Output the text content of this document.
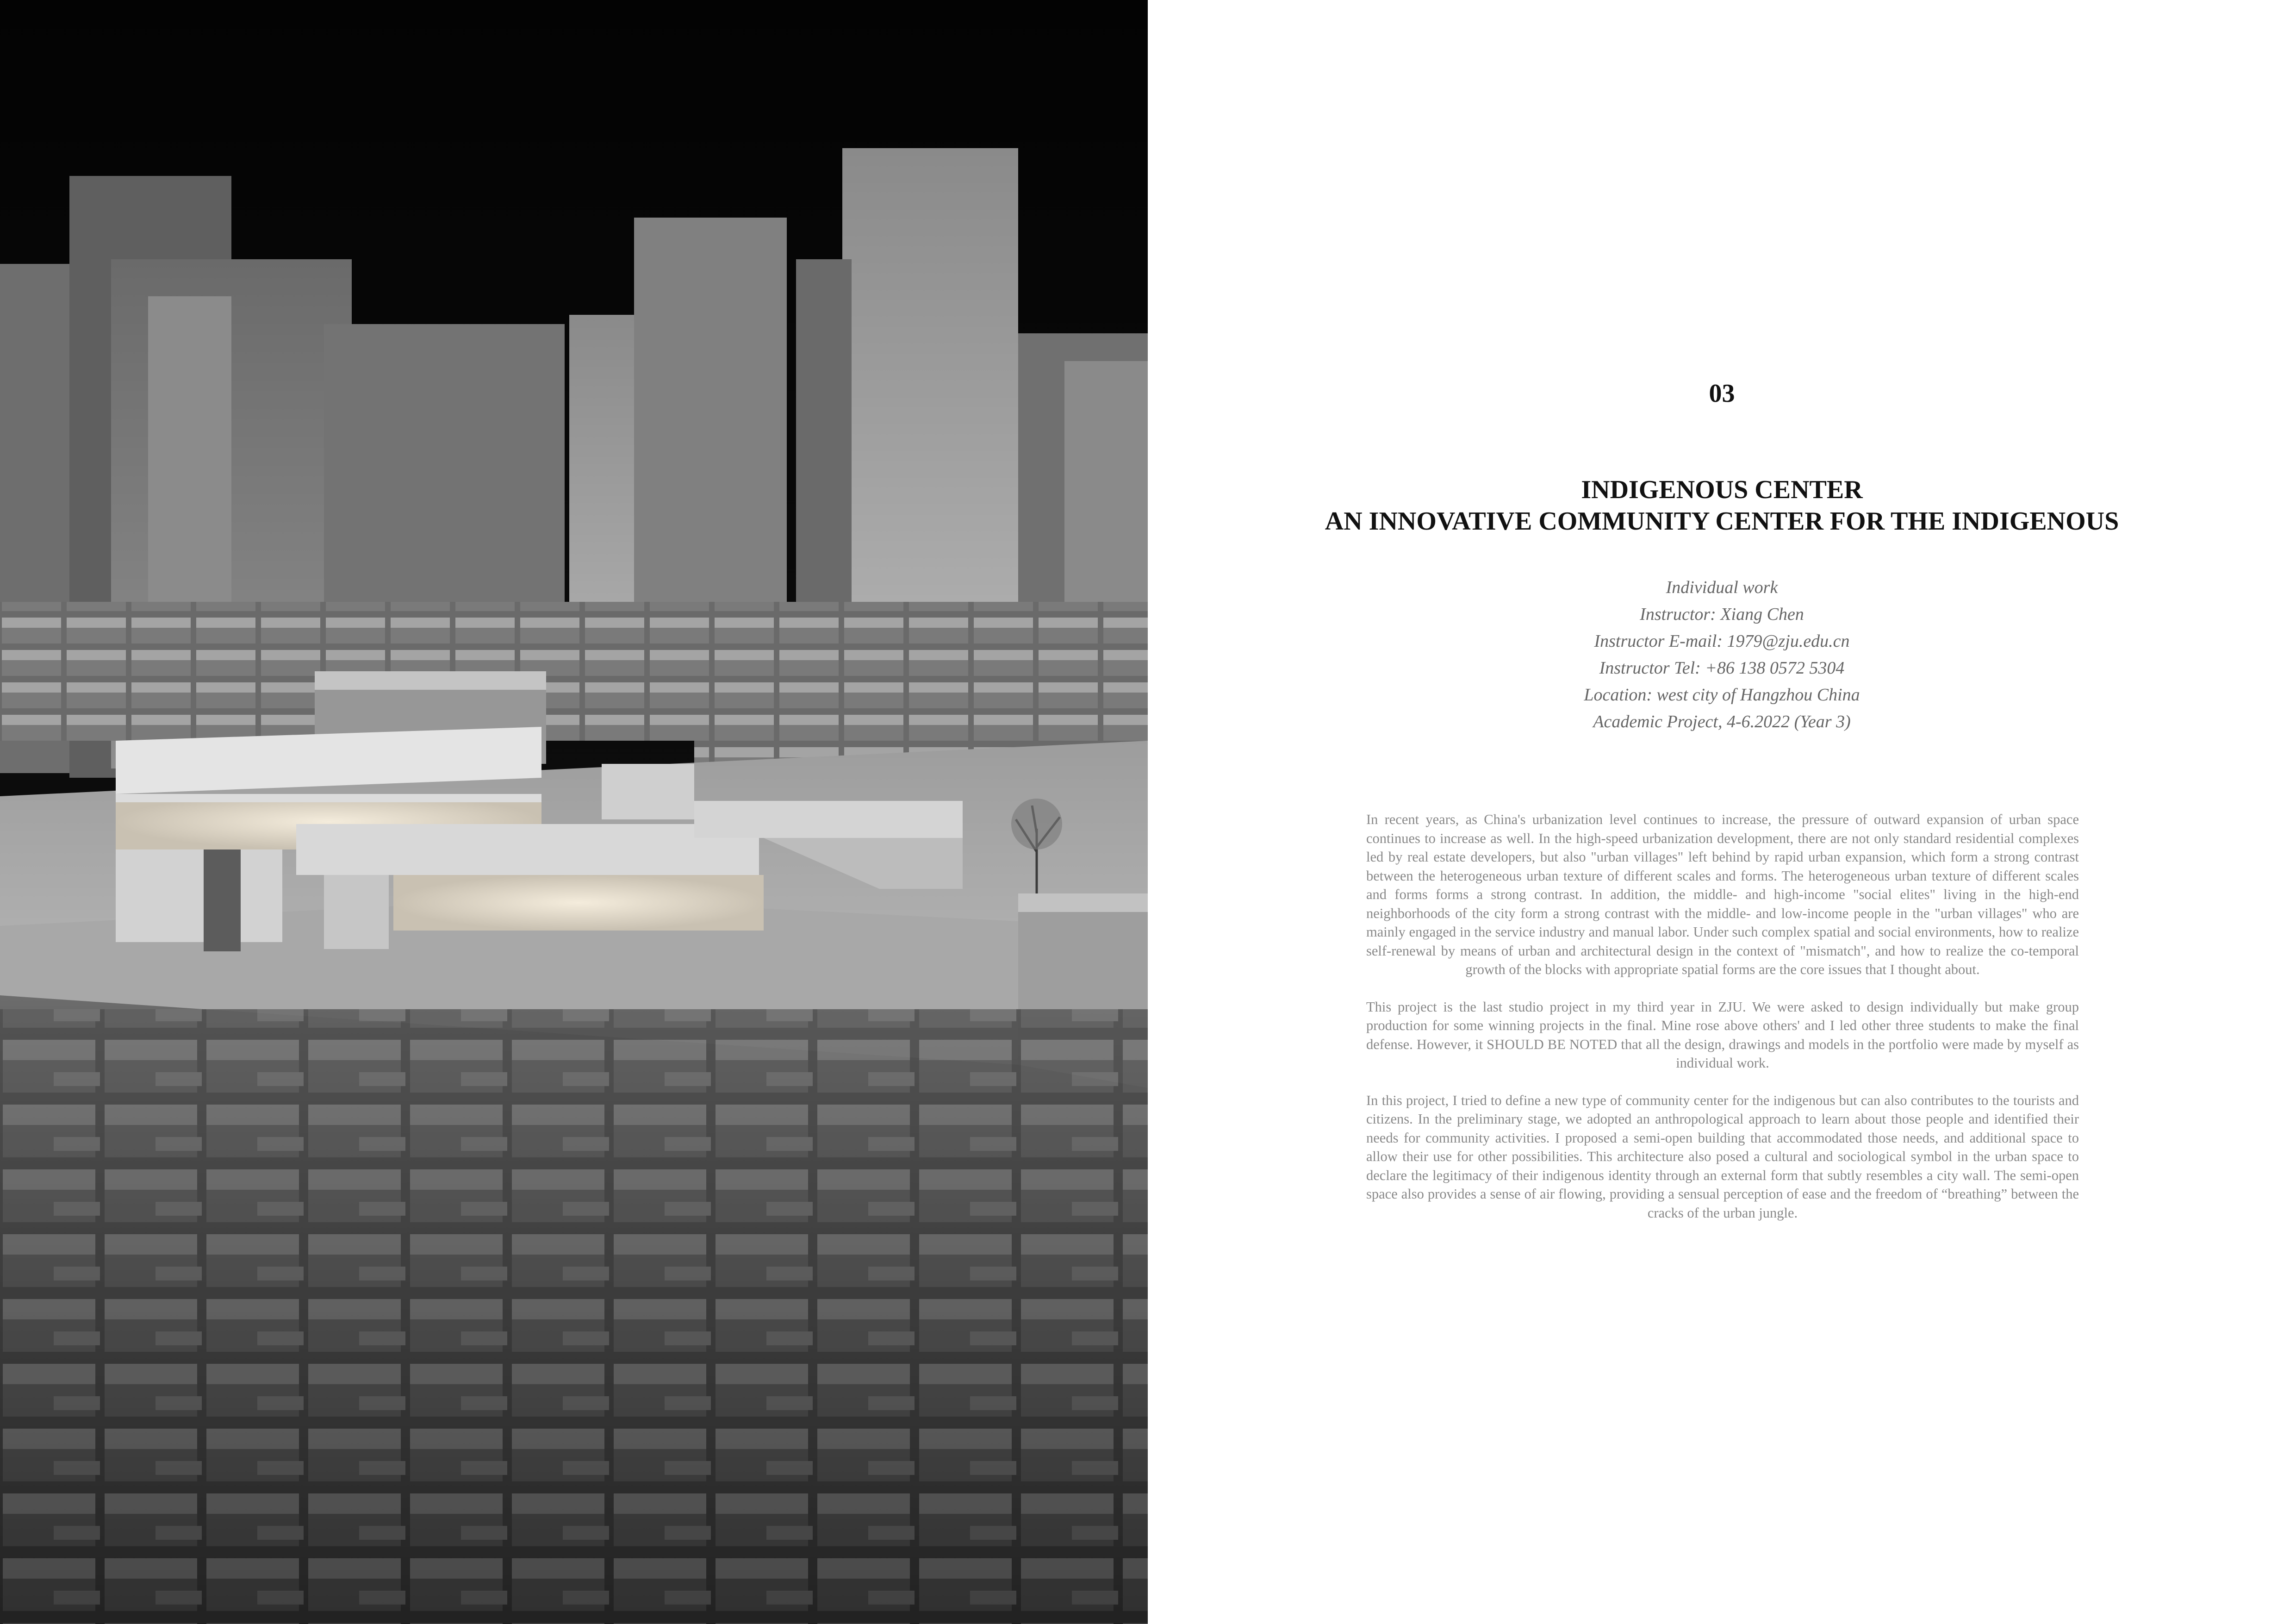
03
INDIGENOUS CENTER
AN INNOVATIVE COMMUNITY CENTER FOR THE INDIGENOUS
Individual work
Instructor: Xiang Chen
Instructor E-mail: 1979@zju.edu.cn
Instructor Tel: +86 138 0572 5304
Location: west city of Hangzhou China
Academic Project, 4-6.2022 (Year 3)

In recent years, as China's urbanization level continues to increase, the pressure of outward expansion of urban space continues to increase as well. In the high-speed urbanization development, there are not only standard residential complexes led by real estate developers, but also "urban villages" left behind by rapid urban expansion, which form a strong contrast between the heterogeneous urban texture of different scales and forms. The heterogeneous urban texture of different scales and forms forms a strong contrast. In addition, the middle- and high-income "social elites" living in the high-end neighborhoods of the city form a strong contrast with the middle- and low-income people in the "urban villages" who are mainly engaged in the service industry and manual labor. Under such complex spatial and social environments, how to realize self-renewal by means of urban and architectural design in the context of "mismatch", and how to realize the co-temporal growth of the blocks with appropriate spatial forms are the core issues that I thought about.

This project is the last studio project in my third year in ZJU. We were asked to design individually but make group production for some winning projects in the final. Mine rose above others' and I led other three students to make the final defense. However, it SHOULD BE NOTED that all the design, drawings and models in the portfolio were made by myself as individual work.

In this project, I tried to define a new type of community center for the indigenous but can also contributes to the tourists and citizens. In the preliminary stage, we adopted an anthropological approach to learn about those people and identified their needs for community activities. I proposed a semi-open building that accommodated those needs, and additional space to allow their use for other possibilities. This architecture also posed a cultural and sociological symbol in the urban space to declare the legitimacy of their indigenous identity through an external form that subtly resembles a city wall. The semi-open space also provides a sense of air flowing, providing a sensual perception of ease and the freedom of “breathing” between the cracks of the urban jungle.
